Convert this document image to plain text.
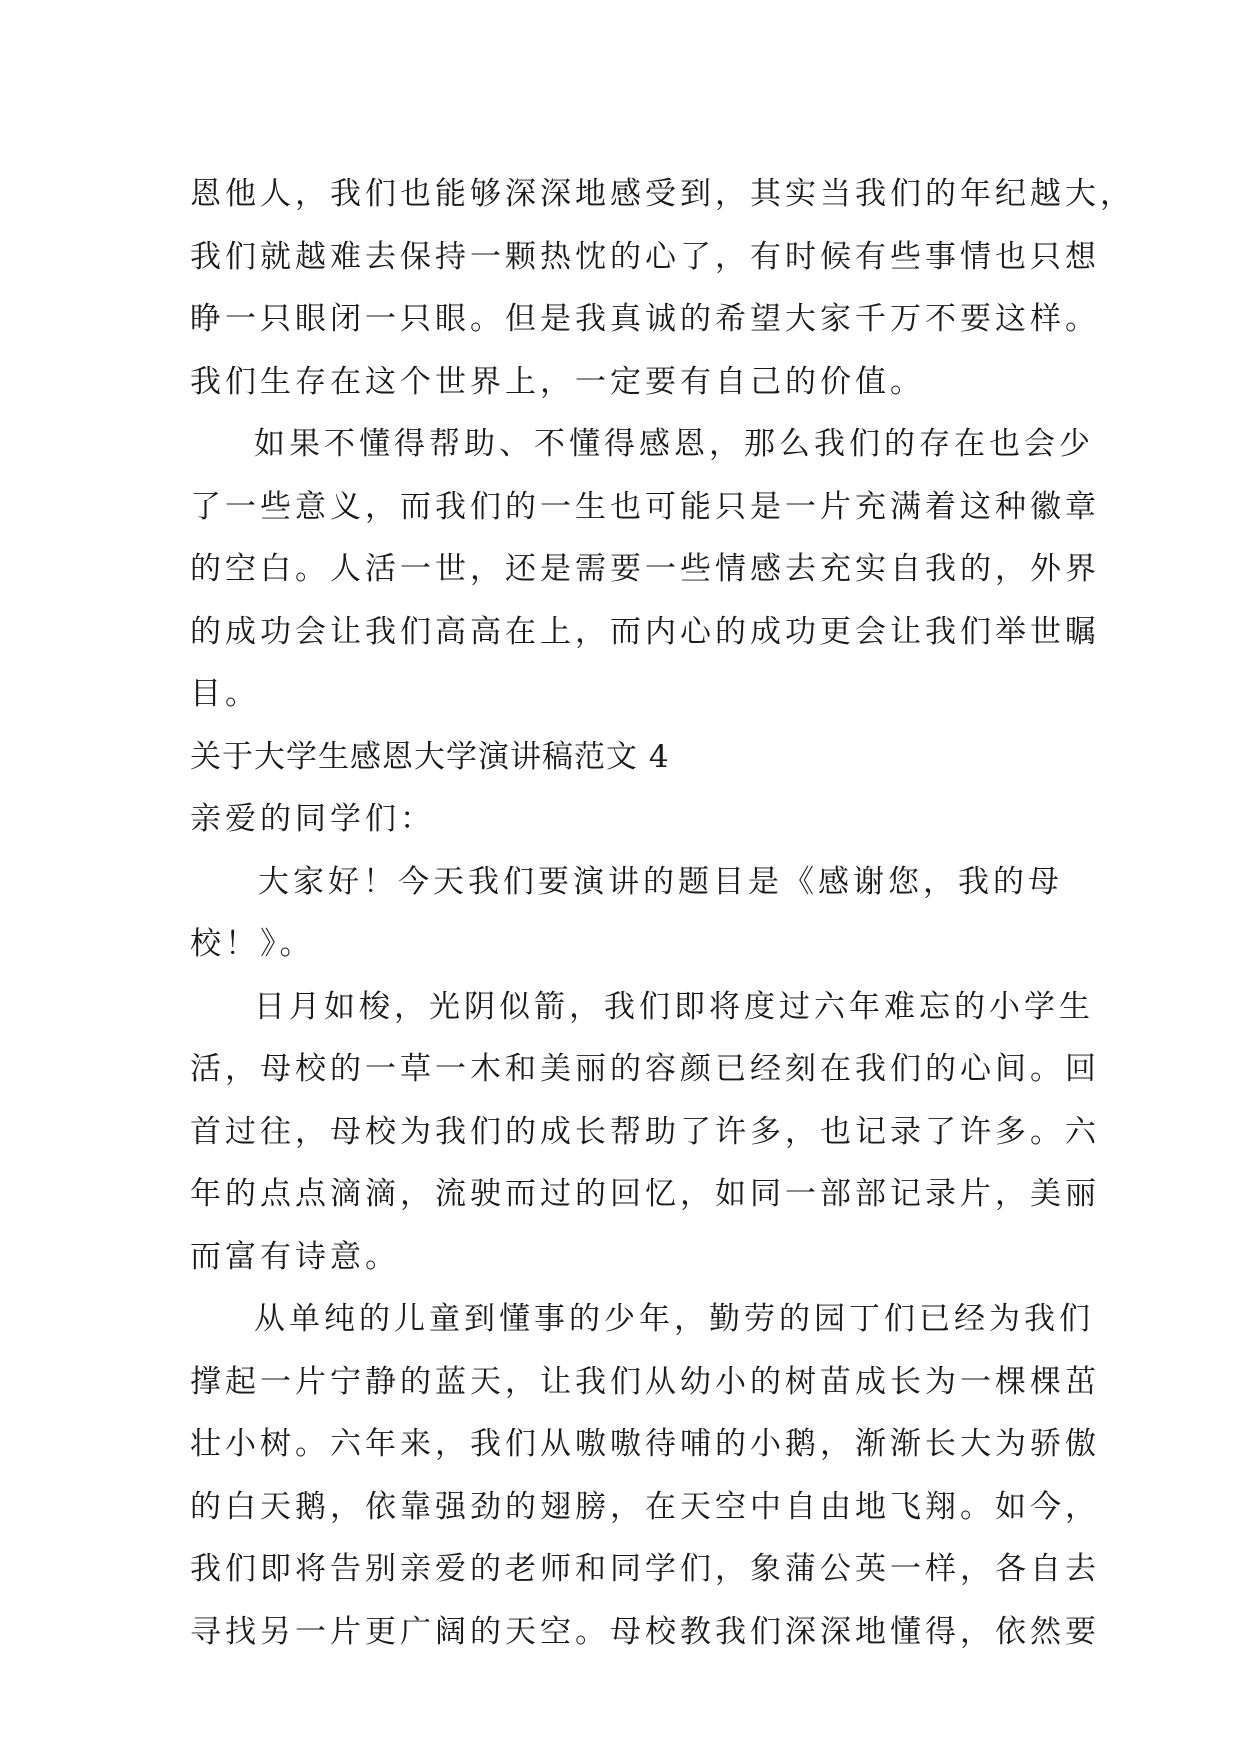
恩他人，我们也能够深深地感受到，其实当我们的年纪越大，
我们就越难去保持一颗热忱的心了，有时候有些事情也只想
睁一只眼闭一只眼。但是我真诚的希望大家千万不要这样。
我们生存在这个世界上，一定要有自己的价值。
如果不懂得帮助、不懂得感恩，那么我们的存在也会少
了一些意义，而我们的一生也可能只是一片充满着这种徽章
的空白。人活一世，还是需要一些情感去充实自我的，外界
的成功会让我们高高在上，而内心的成功更会让我们举世瞩
目。
关于大学生感恩大学演讲稿范文 4
亲爱的同学们：
大家好！今天我们要演讲的题目是《感谢您，我的母
校！》。
日月如梭，光阴似箭，我们即将度过六年难忘的小学生
活，母校的一草一木和美丽的容颜已经刻在我们的心间。回
首过往，母校为我们的成长帮助了许多，也记录了许多。六
年的点点滴滴，流驶而过的回忆，如同一部部记录片，美丽
而富有诗意。
从单纯的儿童到懂事的少年，勤劳的园丁们已经为我们
撑起一片宁静的蓝天，让我们从幼小的树苗成长为一棵棵茁
壮小树。六年来，我们从嗷嗷待哺的小鹅，渐渐长大为骄傲
的白天鹅，依靠强劲的翅膀，在天空中自由地飞翔。如今，
我们即将告别亲爱的老师和同学们，象蒲公英一样，各自去
寻找另一片更广阔的天空。母校教我们深深地懂得，依然要
